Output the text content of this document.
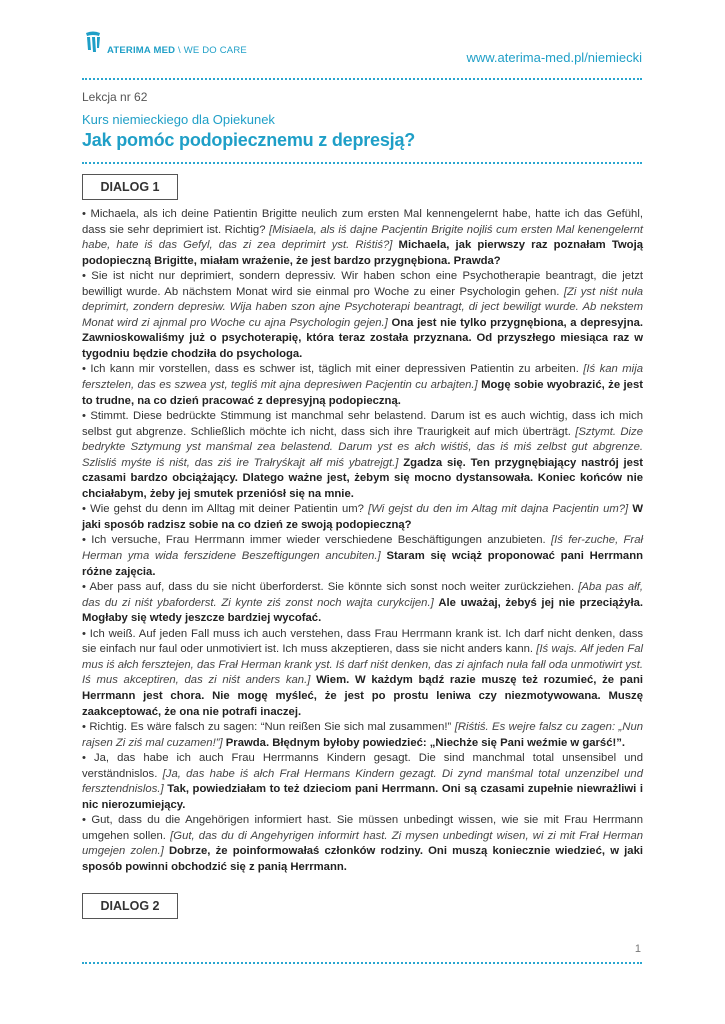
ATERIMA MED \ WE DO CARE	www.aterima-med.pl/niemiecki
Lekcja nr 62
Kurs niemieckiego dla Opiekunek
Jak pomóc podopiecznemu z depresją?
DIALOG 1

• Michaela, als ich deine Patientin Brigitte neulich zum ersten Mal kennengelernt habe, hatte ich das Gefühl, dass sie sehr deprimiert ist. Richtig? [Misiaela, als iś dajne Pacjentin Brigite nojliś cum ersten Mal kenengelernt habe, hate iś das Gefyl, das zi zea deprimirt yst. Riśtiś?] Michaela, jak pierwszy raz poznałam Twoją podopieczną Brigitte, miałam wrażenie, że jest bardzo przygnębiona. Prawda?

• Sie ist nicht nur deprimiert, sondern depressiv. Wir haben schon eine Psychotherapie beantragt, die jetzt bewilligt wurde. Ab nächstem Monat wird sie einmal pro Woche zu einer Psychologin gehen. [Zi yst niśt nuła deprimirt, zondern depresiw. Wija haben szon ajne Psychoterapi beantragt, di ject bewiligt wurde. Ab nekstem Monat wird zi ajnmal pro Woche cu ajna Psychologin gejen.] Ona jest nie tylko przygnębiona, a depresyjna. Zawnioskowaliśmy już o psychoterapię, która teraz została przyznana. Od przyszłego miesiąca raz w tygodniu będzie chodziła do psychologa.

• Ich kann mir vorstellen, dass es schwer ist, täglich mit einer depressiven Patientin zu arbeiten. [Iś kan mija fersztelen, das es szwea yst, tegliś mit ajna depresiwen Pacjentin cu arbajten.] Mogę sobie wyobrazić, że jest to trudne, na co dzień pracować z depresyjną podopieczną.

• Stimmt. Diese bedrückte Stimmung ist manchmal sehr belastend. Darum ist es auch wichtig, dass ich mich selbst gut abgrenze. Schließlich möchte ich nicht, dass sich ihre Traurigkeit auf mich überträgt. [Sztymt. Dize bedrykte Sztymung yst manśmal zea belastend. Darum yst es ałch wiśtiś, das iś miś zelbst gut abgrenze. Szlisliś myśte iś niśt, das ziś ire Trałryśkajt ałf miś ybatrejgt.] Zgadza się. Ten przygnębiający nastrój jest czasami bardzo obciążający. Dlatego ważne jest, żebym się mocno dystansowała. Koniec końców nie chciałabym, żeby jej smutek przeniósł się na mnie.

• Wie gehst du denn im Alltag mit deiner Patientin um? [Wi gejst du den im Altag mit dajna Pacjentin um?] W jaki sposób radzisz sobie na co dzień ze swoją podopieczną?

• Ich versuche, Frau Herrmann immer wieder verschiedene Beschäftigungen anzubieten. [Iś fer-zuche, Frał Herman yma wida ferszidene Beszeftigungen ancubiten.] Staram się wciąż proponować pani Herrmann różne zajęcia.

• Aber pass auf, dass du sie nicht überforderst. Sie könnte sich sonst noch weiter zurückziehen. [Aba pas ałf, das du zi niśt ybaforderst. Zi kynte ziś zonst noch wajta curykcijen.] Ale uważaj, żebyś jej nie przeciążyła. Mogłaby się wtedy jeszcze bardziej wycofać.

• Ich weiß. Auf jeden Fall muss ich auch verstehen, dass Frau Herrmann krank ist. Ich darf nicht denken, dass sie einfach nur faul oder unmotiviert ist. Ich muss akzeptieren, dass sie nicht anders kann. [Iś wajs. Ałf jeden Fal mus iś ałch fersztejen, das Frał Herman krank yst. Iś darf niśt denken, das zi ajnfach nuła fałl oda unmotiwirt yst. Iś mus akceptiren, das zi niśt anders kan.] Wiem. W każdym bądź razie muszę też rozumieć, że pani Herrmann jest chora. Nie mogę myśleć, że jest po prostu leniwa czy niezmotywowana. Muszę zaakceptować, że ona nie potrafi inaczej.

• Richtig. Es wäre falsch zu sagen: “Nun reißen Sie sich mal zusammen!” [Riśtiś. Es wejre falsz cu zagen: „Nun rajsen Zi ziś mal cuzamen!”] Prawda. Błędnym byłoby powiedzieć: „Niechże się Pani weźmie w garść!”.

• Ja, das habe ich auch Frau Herrmanns Kindern gesagt. Die sind manchmal total unsensibel und verständnislos. [Ja, das habe iś ałch Frał Hermans Kindern gezagt. Di zynd manśmal total unzenzibel und fersztendnislos.] Tak, powiedziałam to też dzieciom pani Herrmann. Oni są czasami zupełnie niewrażliwi i nic nierozumiejący.

• Gut, dass du die Angehörigen informiert hast. Sie müssen unbedingt wissen, wie sie mit Frau Herrmann umgehen sollen. [Gut, das du di Angehyrigen informirt hast. Zi mysen unbedingt wisen, wi zi mit Frał Herman umgejen zolen.] Dobrze, że poinformowałaś członków rodziny. Oni muszą koniecznie wiedzieć, w jaki sposób powinni obchodzić się z panią Herrmann.

DIALOG 2
1
